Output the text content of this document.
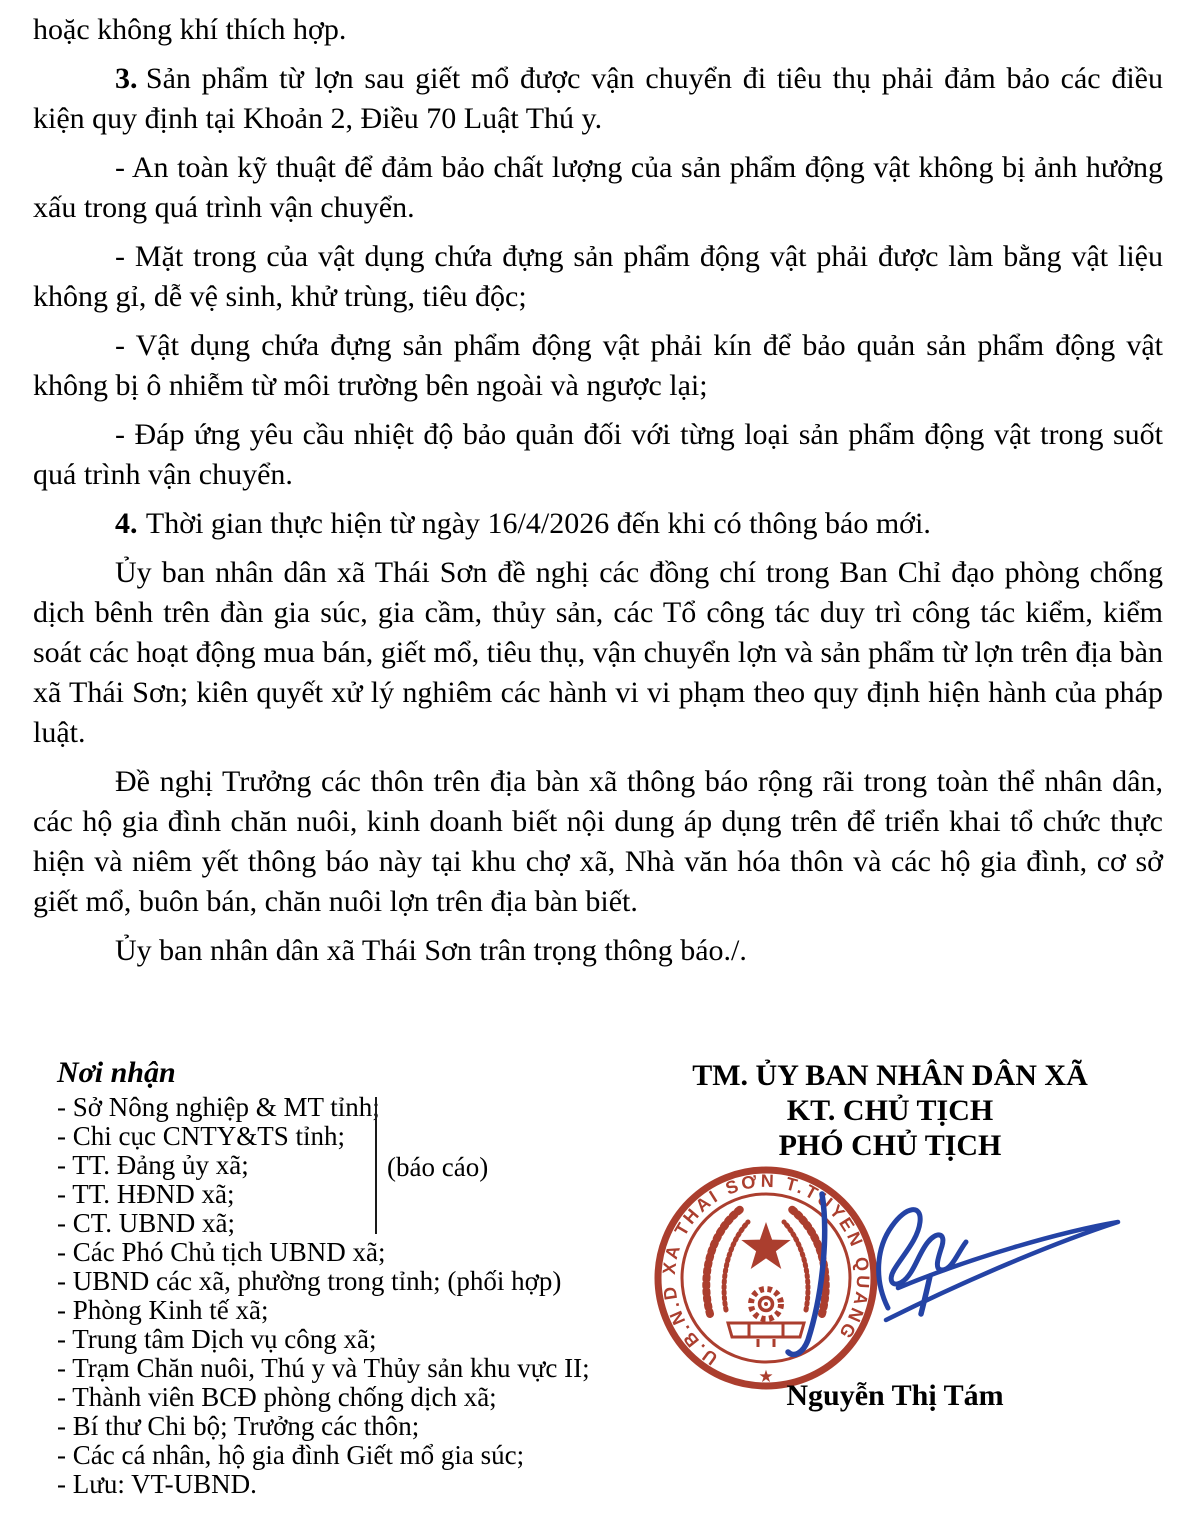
hoặc không khí thích hợp.

3. Sản phẩm từ lợn sau giết mổ được vận chuyển đi tiêu thụ phải đảm bảo các điều kiện quy định tại Khoản 2, Điều 70 Luật Thú y.

- An toàn kỹ thuật để đảm bảo chất lượng của sản phẩm động vật không bị ảnh hưởng xấu trong quá trình vận chuyển.

- Mặt trong của vật dụng chứa đựng sản phẩm động vật phải được làm bằng vật liệu không gỉ, dễ vệ sinh, khử trùng, tiêu độc;

- Vật dụng chứa đựng sản phẩm động vật phải kín để bảo quản sản phẩm động vật không bị ô nhiễm từ môi trường bên ngoài và ngược lại;

- Đáp ứng yêu cầu nhiệt độ bảo quản đối với từng loại sản phẩm động vật trong suốt quá trình vận chuyển.

4. Thời gian thực hiện từ ngày 16/4/2026 đến khi có thông báo mới.

Ủy ban nhân dân xã Thái Sơn đề nghị các đồng chí trong Ban Chỉ đạo phòng chống dịch bênh trên đàn gia súc, gia cầm, thủy sản, các Tổ công tác duy trì công tác kiểm, kiểm soát các hoạt động mua bán, giết mổ, tiêu thụ, vận chuyển lợn và sản phẩm từ lợn trên địa bàn xã Thái Sơn; kiên quyết xử lý nghiêm các hành vi vi phạm theo quy định hiện hành của pháp luật.

Đề nghị Trưởng các thôn trên địa bàn xã thông báo rộng rãi trong toàn thể nhân dân, các hộ gia đình chăn nuôi, kinh doanh biết nội dung áp dụng trên để triển khai tổ chức thực hiện và niêm yết thông báo này tại khu chợ xã, Nhà văn hóa thôn và các hộ gia đình, cơ sở giết mổ, buôn bán, chăn nuôi lợn trên địa bàn biết.

Ủy ban nhân dân xã Thái Sơn trân trọng thông báo./.

Nơi nhận
- Sở Nông nghiệp & MT tỉnh;
- Chi cục CNTY&TS tỉnh;
- TT. Đảng ủy xã;
- TT. HĐND xã;
- CT. UBND xã;
- Các Phó Chủ tịch UBND xã;
- UBND các xã, phường trong tỉnh; (phối hợp)
- Phòng Kinh tế xã;
- Trung tâm Dịch vụ công xã;
- Trạm Chăn nuôi, Thú y và Thủy sản khu vực II;
- Thành viên BCĐ phòng chống dịch xã;
- Bí thư Chi bộ; Trưởng các thôn;
- Các cá nhân, hộ gia đình Giết mổ gia súc;
- Lưu: VT-UBND.
(báo cáo)
TM. ỦY BAN NHÂN DÂN XÃ
KT. CHỦ TỊCH
PHÓ CHỦ TỊCH
U.B.N.D XÃ THÁI SƠN T.TUYÊN QUANG
★
Nguyễn Thị Tám
